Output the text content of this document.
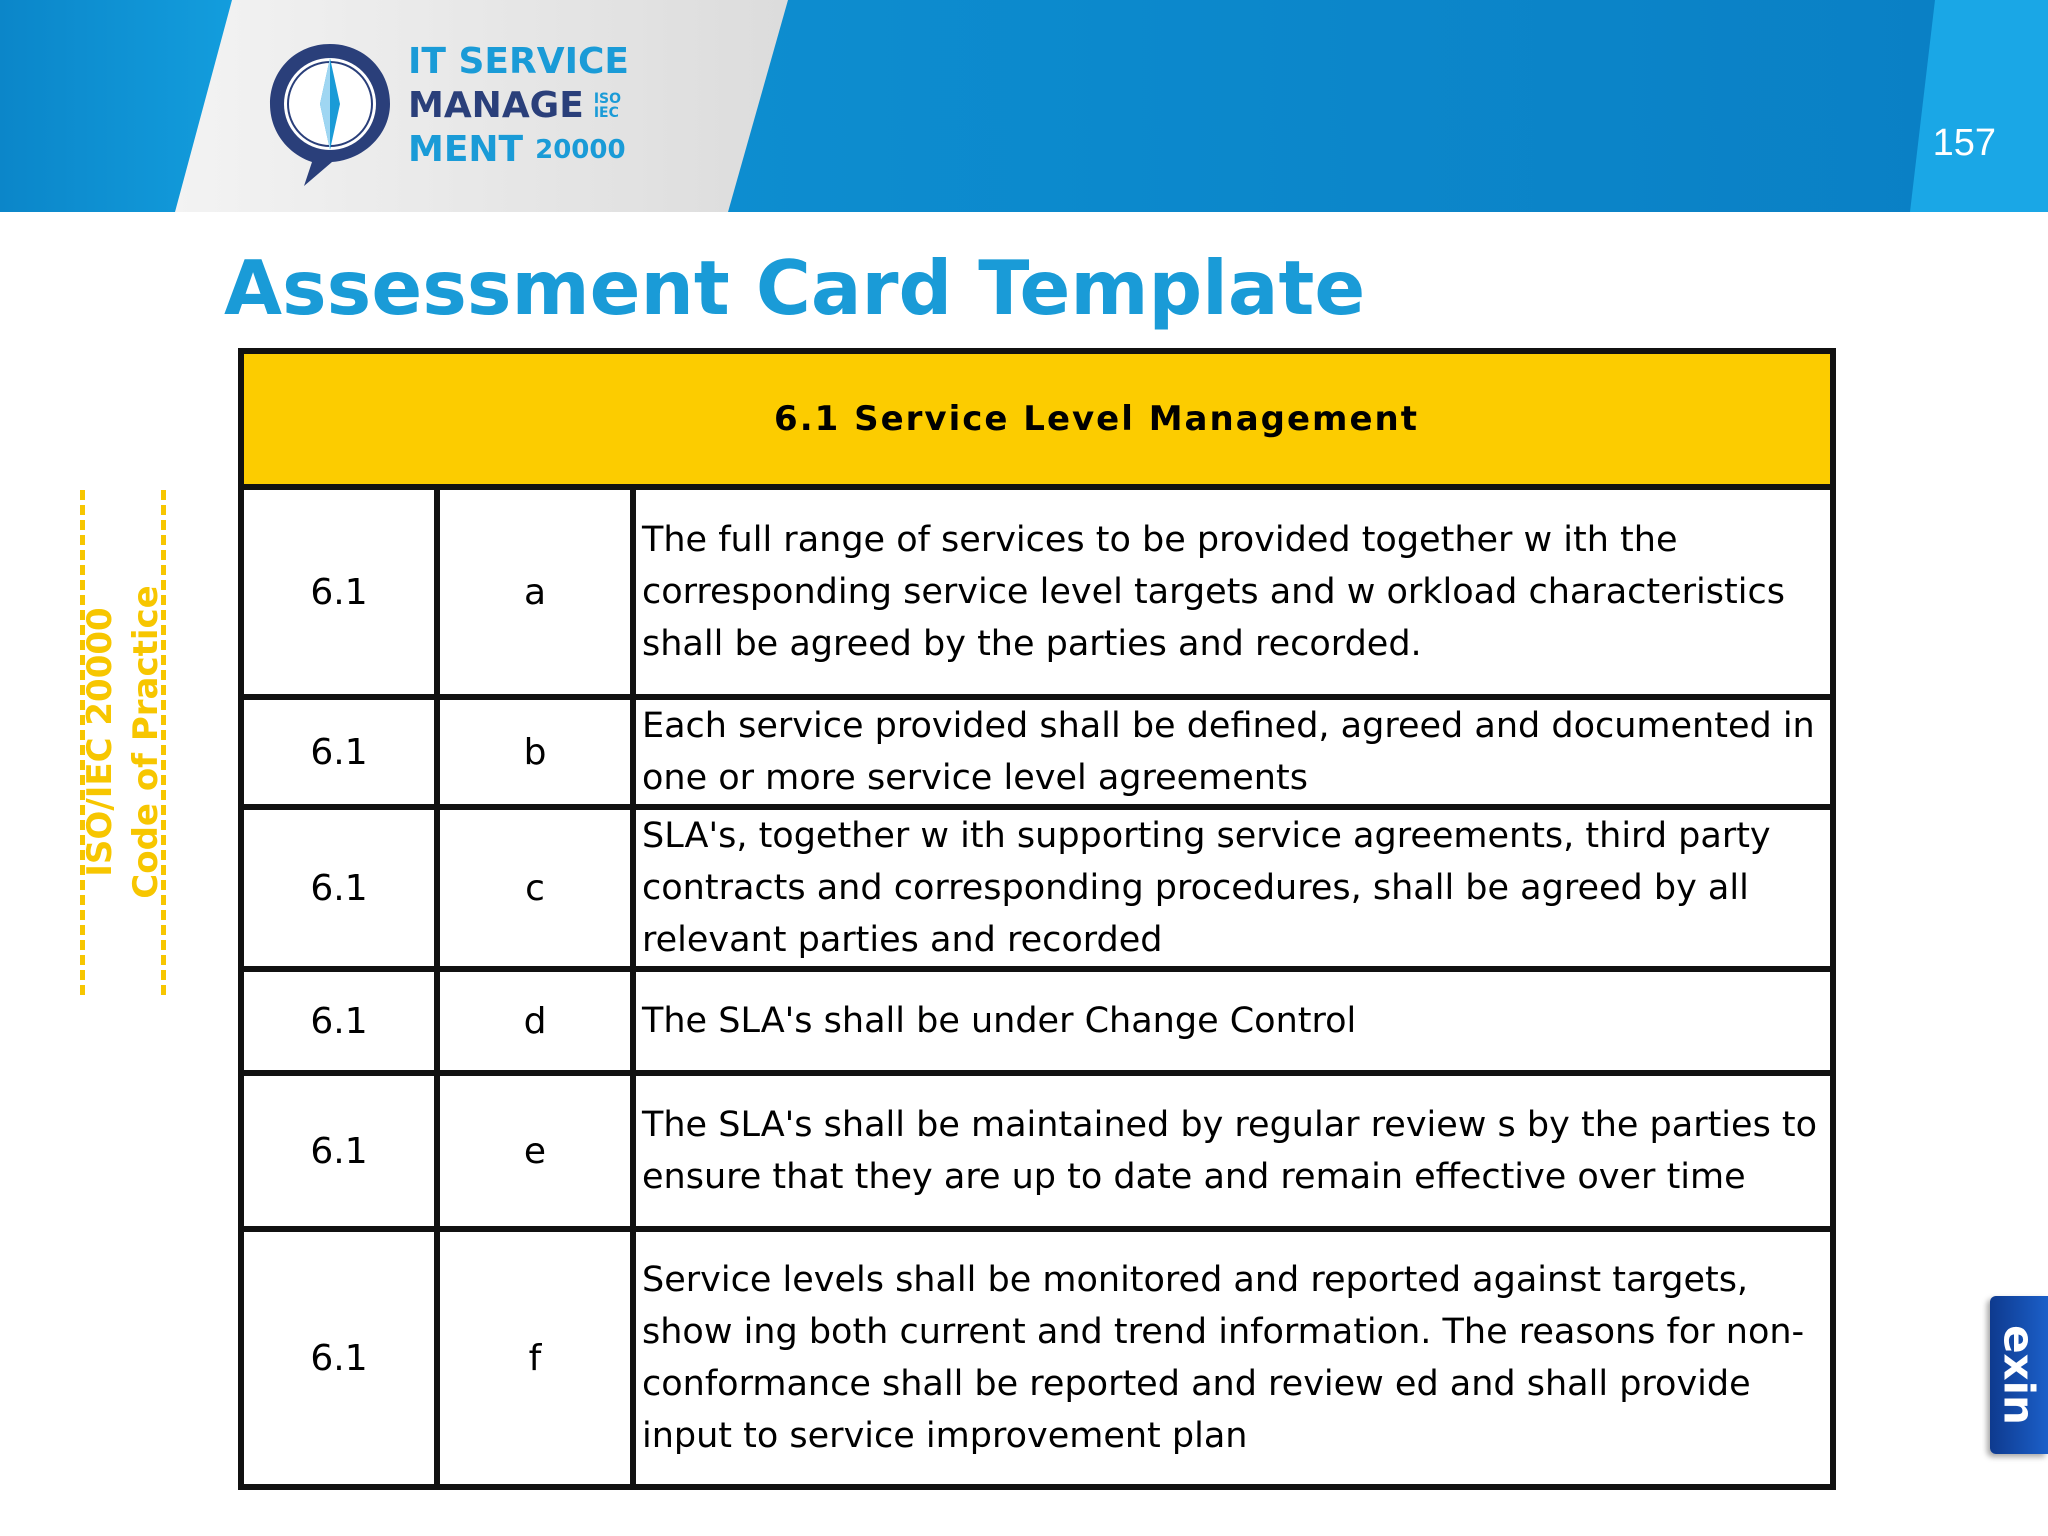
IT SERVICE
MANAGE ISO
IEC
MENT 20000	157
Assessment Card Template
ISO/IEC 20000 Code of Practice
6.1 Service Level Management		
6.1	a	The full range of services to be provided together w ith the corresponding service level targets and w orkload characteristics shall be agreed by the parties and recorded.
6.1	b	Each service provided shall be defined, agreed and documented in one or more service level agreements
6.1	c	SLA's, together w ith supporting service agreements, third party contracts and corresponding procedures, shall be agreed by all relevant parties and recorded
6.1	d	The SLA's shall be under Change Control
6.1	e	The SLA's shall be maintained by regular review s by the parties to ensure that they are up to date and remain effective over time
6.1	f	Service levels shall be monitored and reported against targets, show ing both current and trend information. The reasons for non-conformance shall be reported and review ed and shall provide input to service improvement plan
exin
